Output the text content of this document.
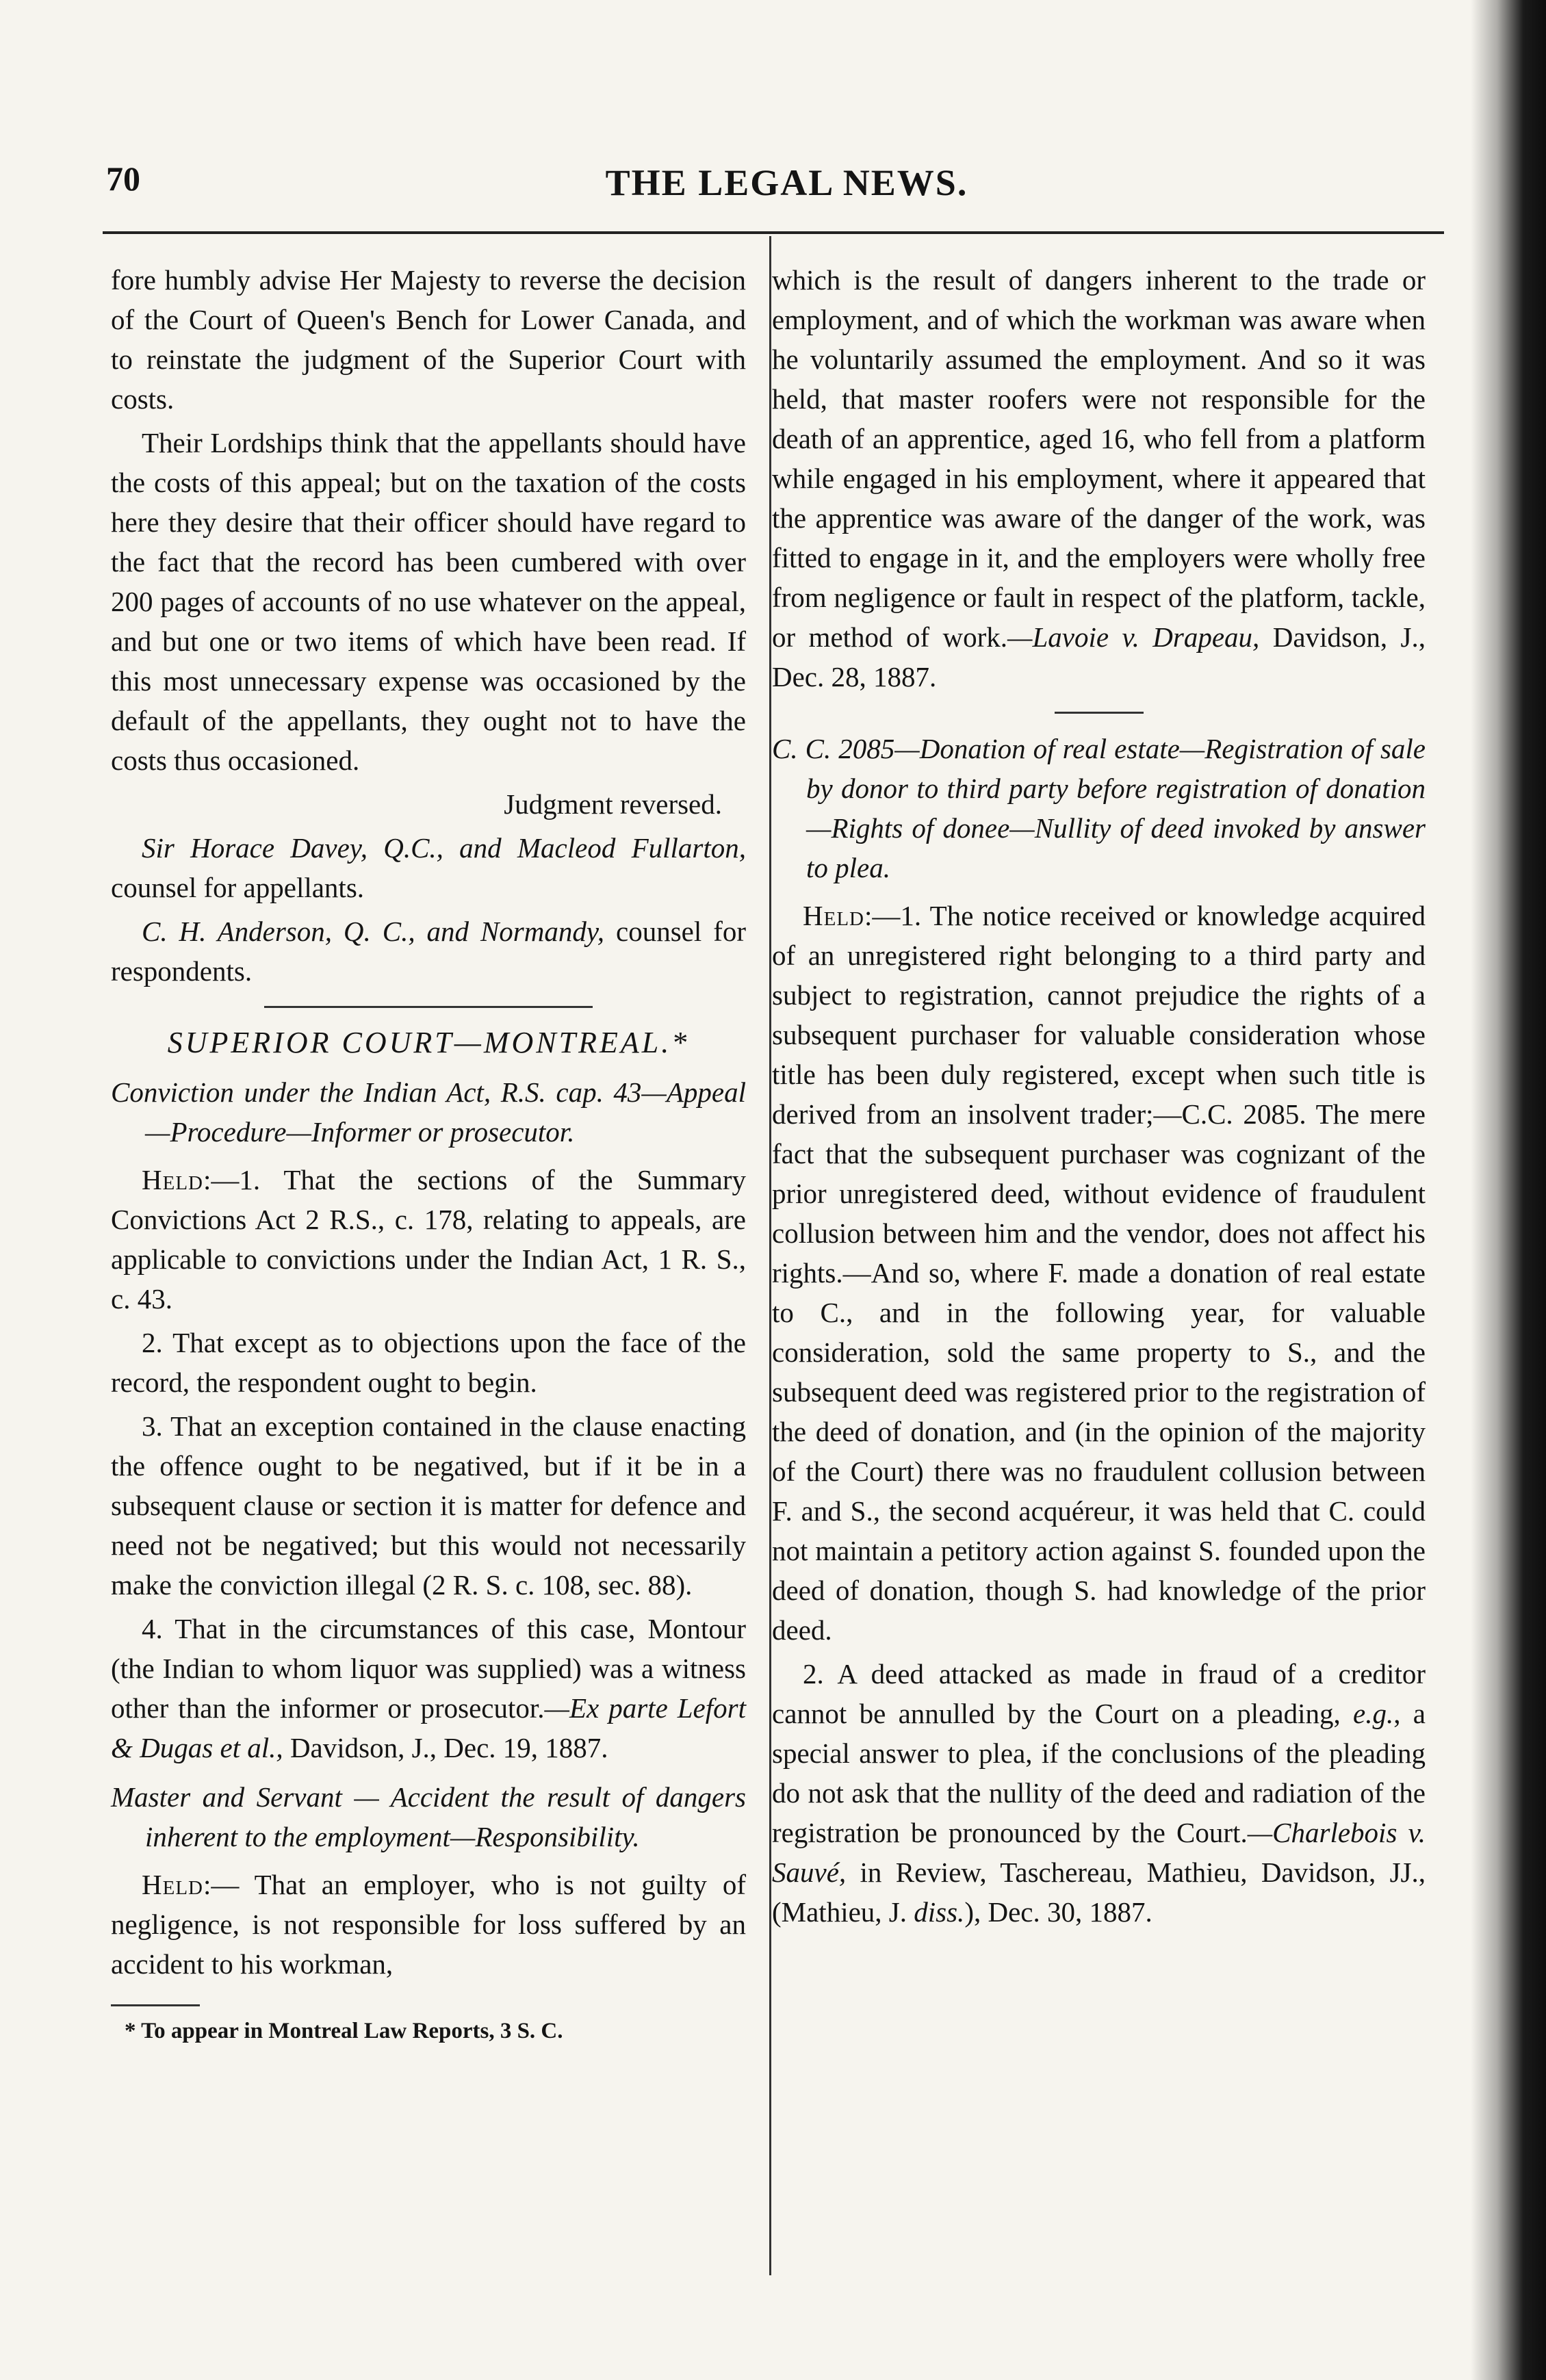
70	THE LEGAL NEWS.

fore humbly advise Her Majesty to reverse the decision of the Court of Queen's Bench for Lower Canada, and to reinstate the judgment of the Superior Court with costs.

Their Lordships think that the appellants should have the costs of this appeal; but on the taxation of the costs here they desire that their officer should have regard to the fact that the record has been cumbered with over 200 pages of accounts of no use whatever on the appeal, and but one or two items of which have been read. If this most unnecessary expense was occasioned by the default of the appellants, they ought not to have the costs thus occasioned.

Judgment reversed.

Sir Horace Davey, Q.C., and Macleod Fullarton, counsel for appellants.

C. H. Anderson, Q. C., and Normandy, counsel for respondents.

SUPERIOR COURT—MONTREAL.*

Conviction under the Indian Act, R.S. cap. 43—Appeal—Procedure—Informer or prosecutor.

Held:—1. That the sections of the Summary Convictions Act 2 R.S., c. 178, relating to appeals, are applicable to convictions under the Indian Act, 1 R. S., c. 43.

2. That except as to objections upon the face of the record, the respondent ought to begin.

3. That an exception contained in the clause enacting the offence ought to be negatived, but if it be in a subsequent clause or section it is matter for defence and need not be negatived; but this would not necessarily make the conviction illegal (2 R. S. c. 108, sec. 88).

4. That in the circumstances of this case, Montour (the Indian to whom liquor was supplied) was a witness other than the informer or prosecutor.—Ex parte Lefort & Dugas et al., Davidson, J., Dec. 19, 1887.

Master and Servant — Accident the result of dangers inherent to the employment—Responsibility.

Held:— That an employer, who is not guilty of negligence, is not responsible for loss suffered by an accident to his workman,

* To appear in Montreal Law Reports, 3 S. C.

which is the result of dangers inherent to the trade or employment, and of which the workman was aware when he voluntarily assumed the employment. And so it was held, that master roofers were not responsible for the death of an apprentice, aged 16, who fell from a platform while engaged in his employment, where it appeared that the apprentice was aware of the danger of the work, was fitted to engage in it, and the employers were wholly free from negligence or fault in respect of the platform, tackle, or method of work.—Lavoie v. Drapeau, Davidson, J., Dec. 28, 1887.

C. C. 2085—Donation of real estate—Registration of sale by donor to third party before registration of donation—Rights of donee—Nullity of deed invoked by answer to plea.

Held:—1. The notice received or knowledge acquired of an unregistered right belonging to a third party and subject to registration, cannot prejudice the rights of a subsequent purchaser for valuable consideration whose title has been duly registered, except when such title is derived from an insolvent trader;—C.C. 2085. The mere fact that the subsequent purchaser was cognizant of the prior unregistered deed, without evidence of fraudulent collusion between him and the vendor, does not affect his rights.—And so, where F. made a donation of real estate to C., and in the following year, for valuable consideration, sold the same property to S., and the subsequent deed was registered prior to the registration of the deed of donation, and (in the opinion of the majority of the Court) there was no fraudulent collusion between F. and S., the second acquéreur, it was held that C. could not maintain a petitory action against S. founded upon the deed of donation, though S. had knowledge of the prior deed.

2. A deed attacked as made in fraud of a creditor cannot be annulled by the Court on a pleading, e.g., a special answer to plea, if the conclusions of the pleading do not ask that the nullity of the deed and radiation of the registration be pronounced by the Court.—Charlebois v. Sauvé, in Review, Taschereau, Mathieu, Davidson, JJ., (Mathieu, J. diss.), Dec. 30, 1887.
